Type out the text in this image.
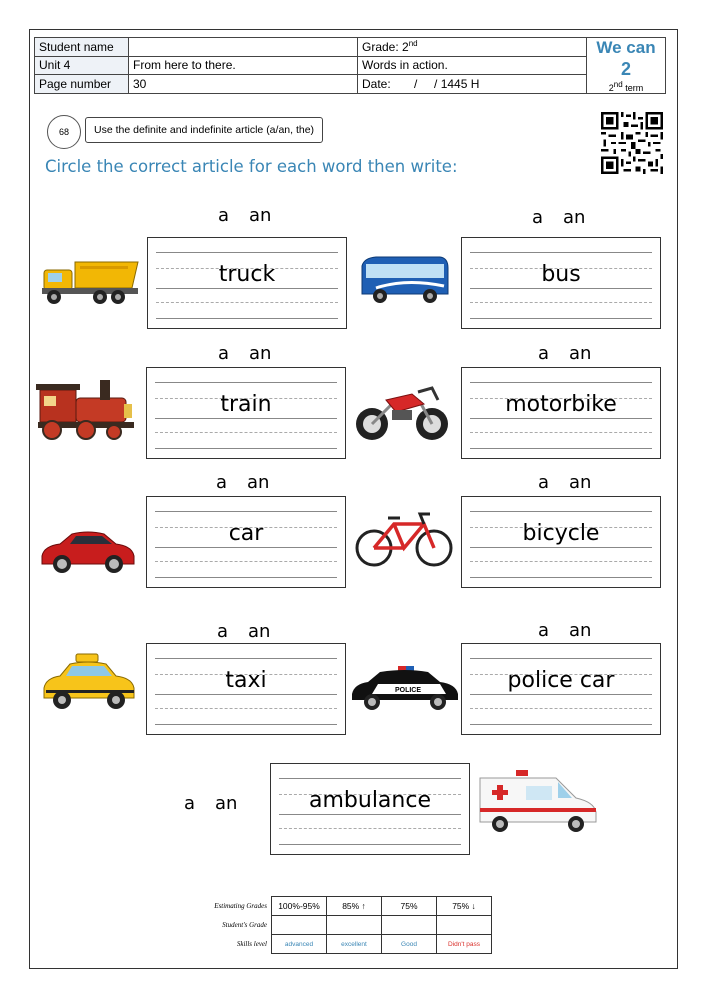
Student name		Grade: 2nd	We can
2
2nd term

Unit 4	From here to there.	Words in action.	
Page number	30	Date: /     / 1445 H	
68	Use the definite and indefinite article (a/an, the)
Circle the correct article for each word then write:
a an	a an
truck	bus
a an	a an
train	motorbike
a an	a an
car	bicycle
a an	a an
taxi	POLICE	police car
a an	ambulance
Estimating Grades	100%-95%	85% ↑	75%	75% ↓
Student's Grade				
Skills level	advanced	excellent	Good	Didn't pass
